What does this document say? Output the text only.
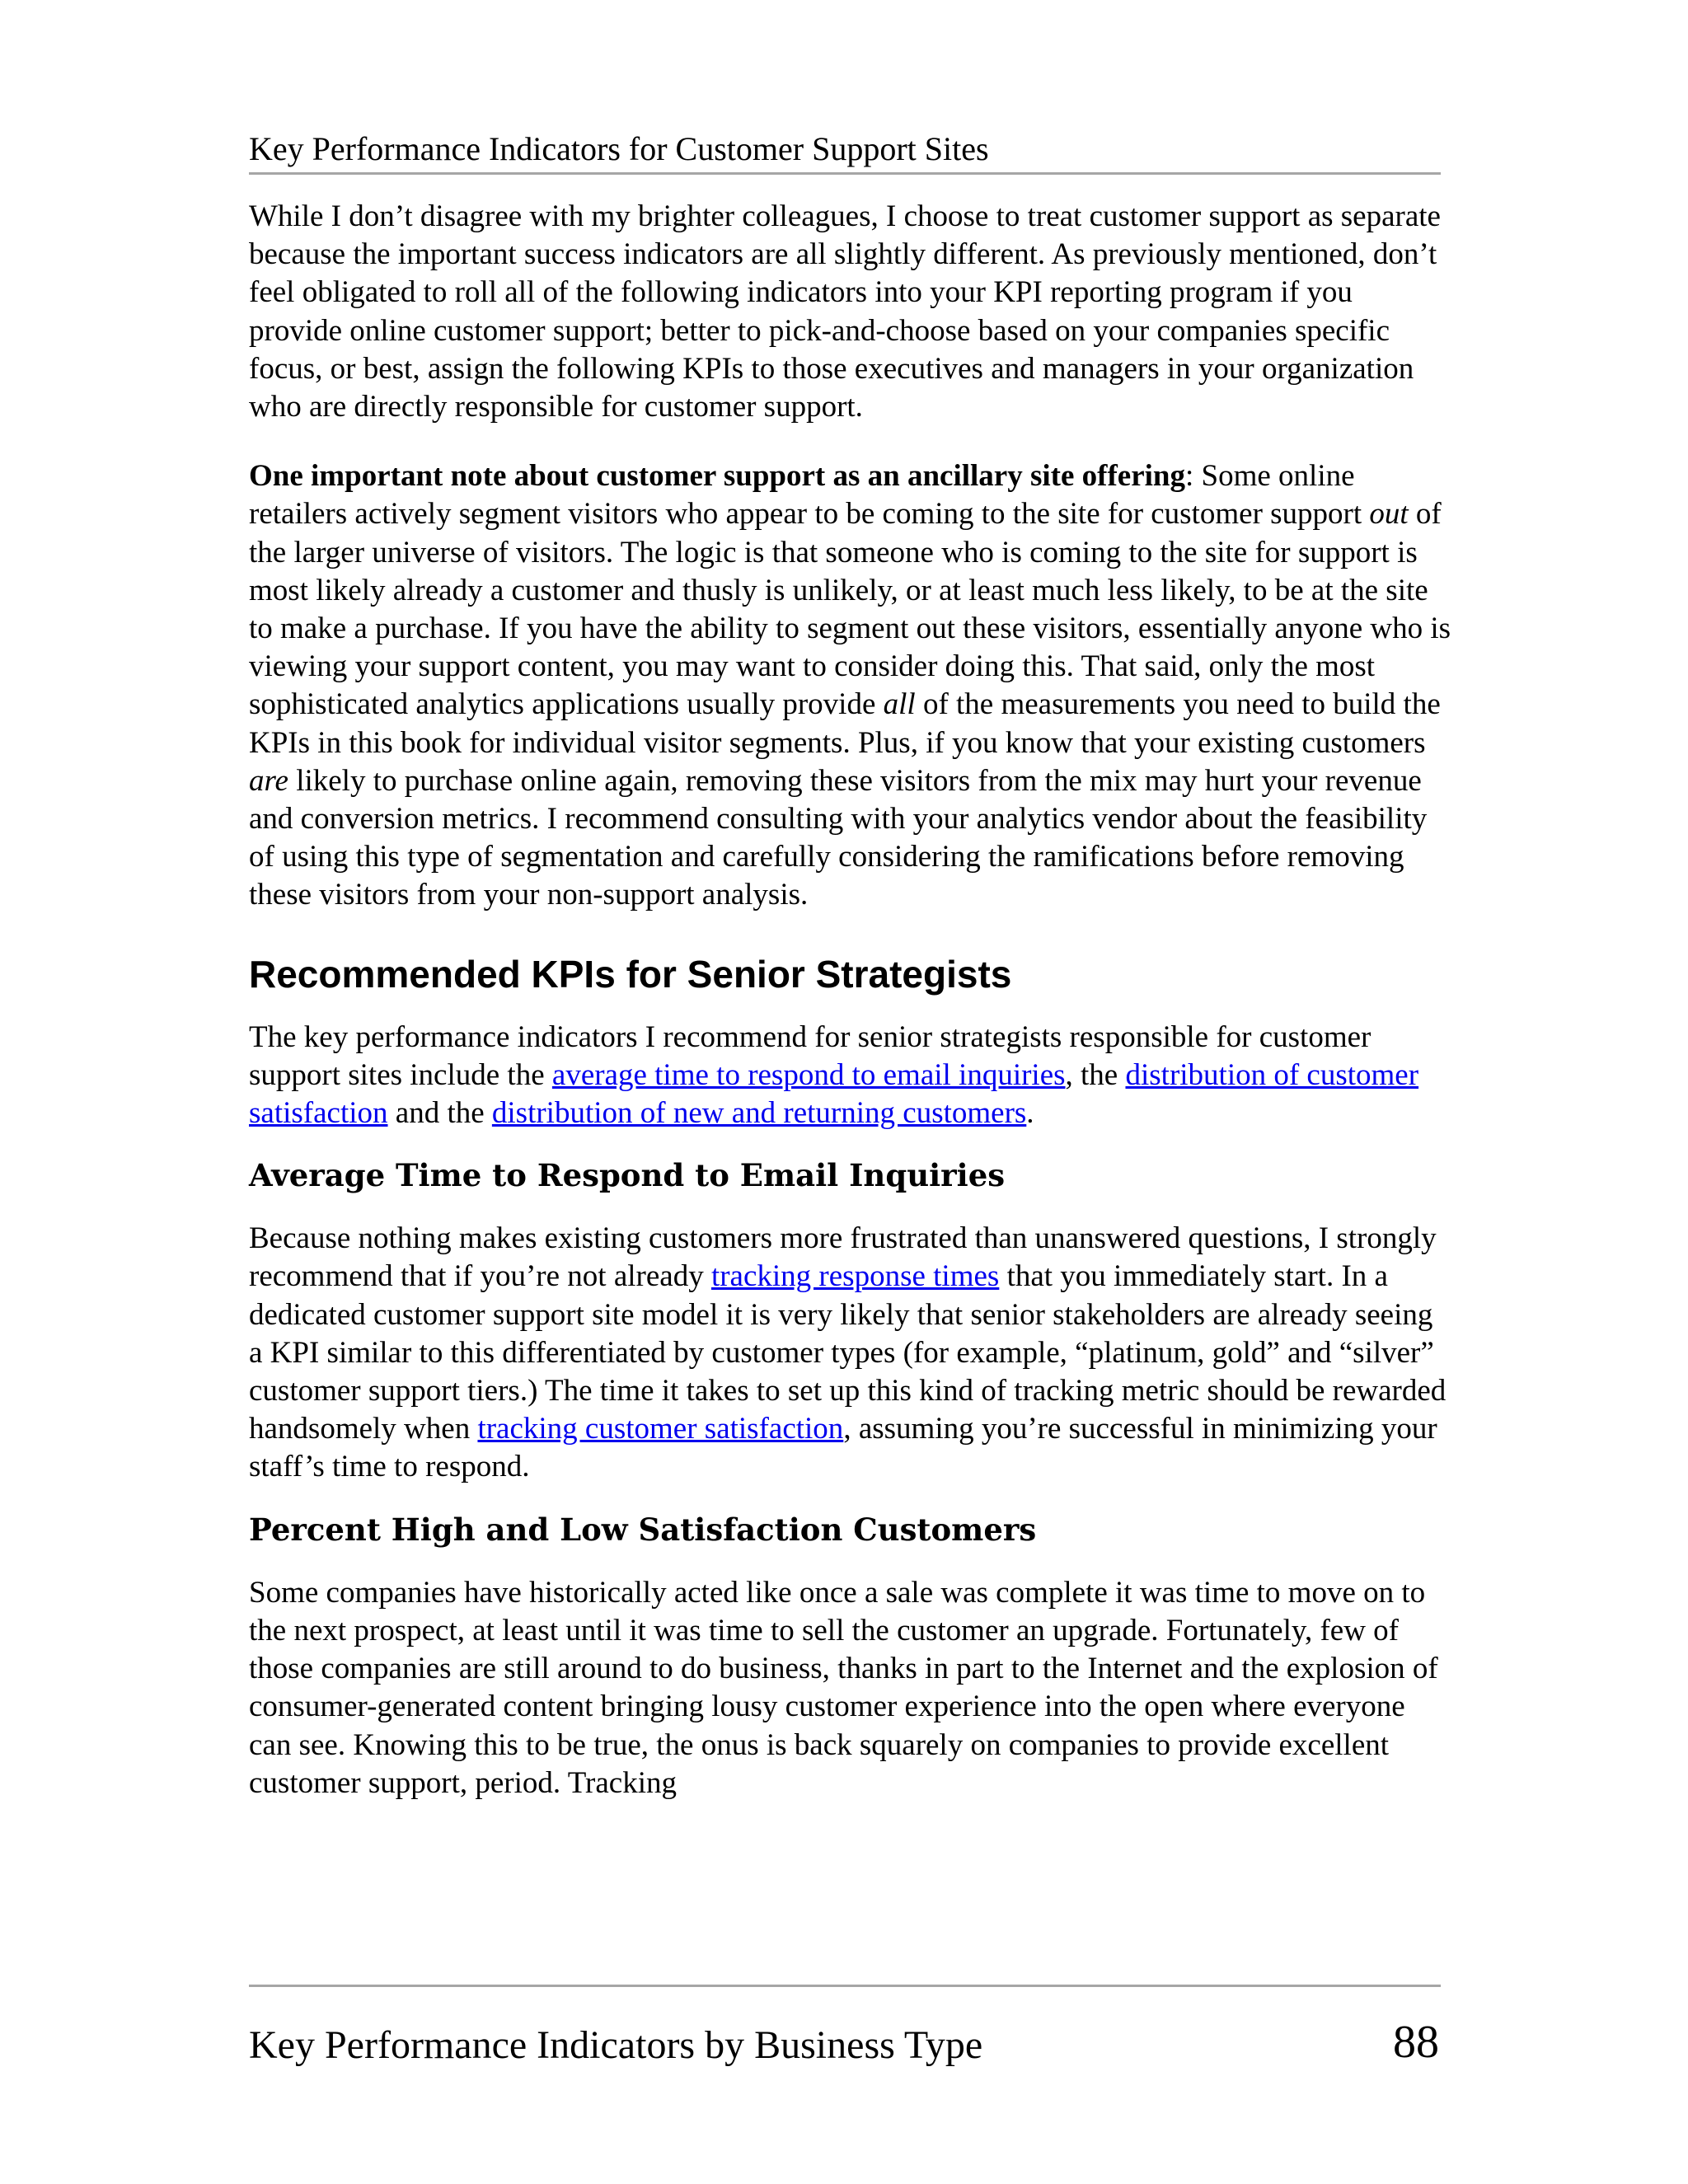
Key Performance Indicators for Customer Support Sites

While I don’t disagree with my brighter colleagues, I choose to treat customer support as separate because the important success indicators are all slightly different. As previously mentioned, don’t feel obligated to roll all of the following indicators into your KPI reporting program if you provide online customer support; better to pick-and-choose based on your companies specific focus, or best, assign the following KPIs to those executives and managers in your organization who are directly responsible for customer support.

One important note about customer support as an ancillary site offering: Some online retailers actively segment visitors who appear to be coming to the site for customer support out of the larger universe of visitors. The logic is that someone who is coming to the site for support is most likely already a customer and thusly is unlikely, or at least much less likely, to be at the site to make a purchase. If you have the ability to segment out these visitors, essentially anyone who is viewing your support content, you may want to consider doing this. That said, only the most sophisticated analytics applications usually provide all of the measurements you need to build the KPIs in this book for individual visitor segments. Plus, if you know that your existing customers are likely to purchase online again, removing these visitors from the mix may hurt your revenue and conversion metrics. I recommend consulting with your analytics vendor about the feasibility of using this type of segmentation and carefully considering the ramifications before removing these visitors from your non-support analysis.

Recommended KPIs for Senior Strategists

The key performance indicators I recommend for senior strategists responsible for customer support sites include the average time to respond to email inquiries, the distribution of customer satisfaction and the distribution of new and returning customers.

Average Time to Respond to Email Inquiries

Because nothing makes existing customers more frustrated than unanswered questions, I strongly recommend that if you’re not already tracking response times that you immediately start. In a dedicated customer support site model it is very likely that senior stakeholders are already seeing a KPI similar to this differentiated by customer types (for example, “platinum, gold” and “silver” customer support tiers.) The time it takes to set up this kind of tracking metric should be rewarded handsomely when tracking customer satisfaction, assuming you’re successful in minimizing your staff’s time to respond.

Percent High and Low Satisfaction Customers

Some companies have historically acted like once a sale was complete it was time to move on to the next prospect, at least until it was time to sell the customer an upgrade. Fortunately, few of those companies are still around to do business, thanks in part to the Internet and the explosion of consumer-generated content bringing lousy customer experience into the open where everyone can see. Knowing this to be true, the onus is back squarely on companies to provide excellent customer support, period. Tracking

Key Performance Indicators by Business Type	88
